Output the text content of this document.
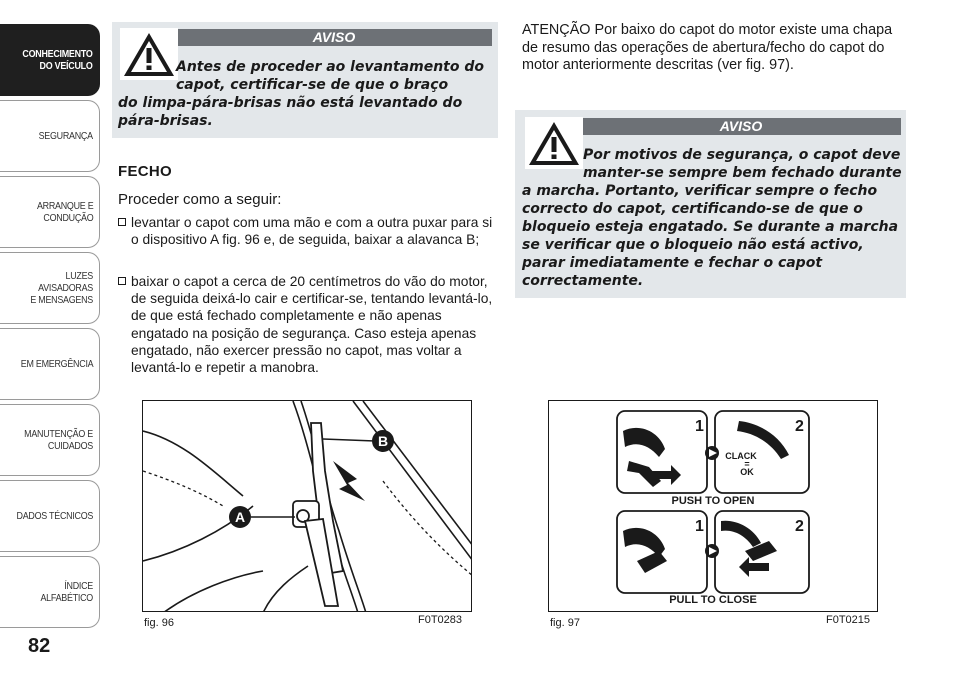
CONHECIMENTO
DO VEÍCULO
SEGURANÇA
ARRANQUE E
CONDUÇÃO
LUZES AVISADORAS
E MENSAGENS
EM EMERGÊNCIA
MANUTENÇÃO E
CUIDADOS
DADOS TÉCNICOS
ÍNDICE ALFABÉTICO
82
AVISO
Antes de proceder ao levantamento do
capot, certificar-se de que o braço
do limpa-pára-brisas não está levantado do
pára-brisas.
FECHO
Proceder como a seguir:
levantar o capot com uma mão e com a outra puxar para si o dispositivo A fig. 96 e, de seguida, baixar a alavanca B;
baixar o capot a cerca de 20 centímetros do vão do motor, de seguida deixá-lo cair e certificar-se, tentando levantá-lo, de que está fechado completamente e não apenas engatado na posição de segurança. Caso esteja apenas engatado, não exercer pressão no capot, mas voltar a levantá-lo e repetir a manobra.
ATENÇÃO Por baixo do capot do motor existe uma chapa de resumo das operações de abertura/fecho do capot do motor anteriormente descritas (ver fig. 97).
AVISO
Por motivos de segurança, o capot deve
manter-se sempre bem fechado durante
a marcha. Portanto, verificar sempre o fecho
correcto do capot, certificando-se de que o
bloqueio esteja engatado. Se durante a marcha
se verificar que o bloqueio não está activo,
parar imediatamente e fechar o capot
correctamente.
B
A
fig. 96	F0T0283
1	2
1	2
CLACK
=
OK
PUSH TO OPEN
PULL TO CLOSE
fig. 97	F0T0215
